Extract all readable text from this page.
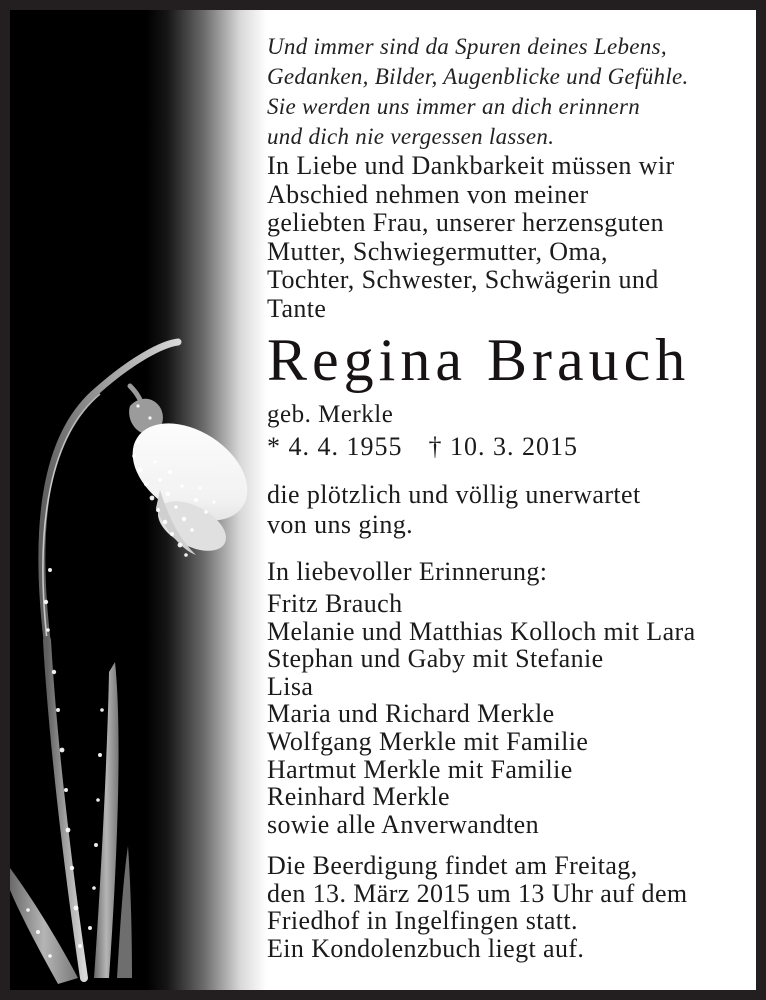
Und immer sind da Spuren deines Lebens,
Gedanken, Bilder, Augenblicke und Gefühle.
Sie werden uns immer an dich erinnern
und dich nie vergessen lassen.
In Liebe und Dankbarkeit müssen wir
Abschied nehmen von meiner
geliebten Frau, unserer herzensguten
Mutter, Schwiegermutter, Oma,
Tochter, Schwester, Schwägerin und
Tante
Regina Brauch
geb. Merkle
* 4. 4. 1955 † 10. 3. 2015
die plötzlich und völlig unerwartet
von uns ging.
In liebevoller Erinnerung:
Fritz Brauch
Melanie und Matthias Kolloch mit Lara
Stephan und Gaby mit Stefanie
Lisa
Maria und Richard Merkle
Wolfgang Merkle mit Familie
Hartmut Merkle mit Familie
Reinhard Merkle
sowie alle Anverwandten
Die Beerdigung findet am Freitag,
den 13. März 2015 um 13 Uhr auf dem
Friedhof in Ingelfingen statt.
Ein Kondolenzbuch liegt auf.
